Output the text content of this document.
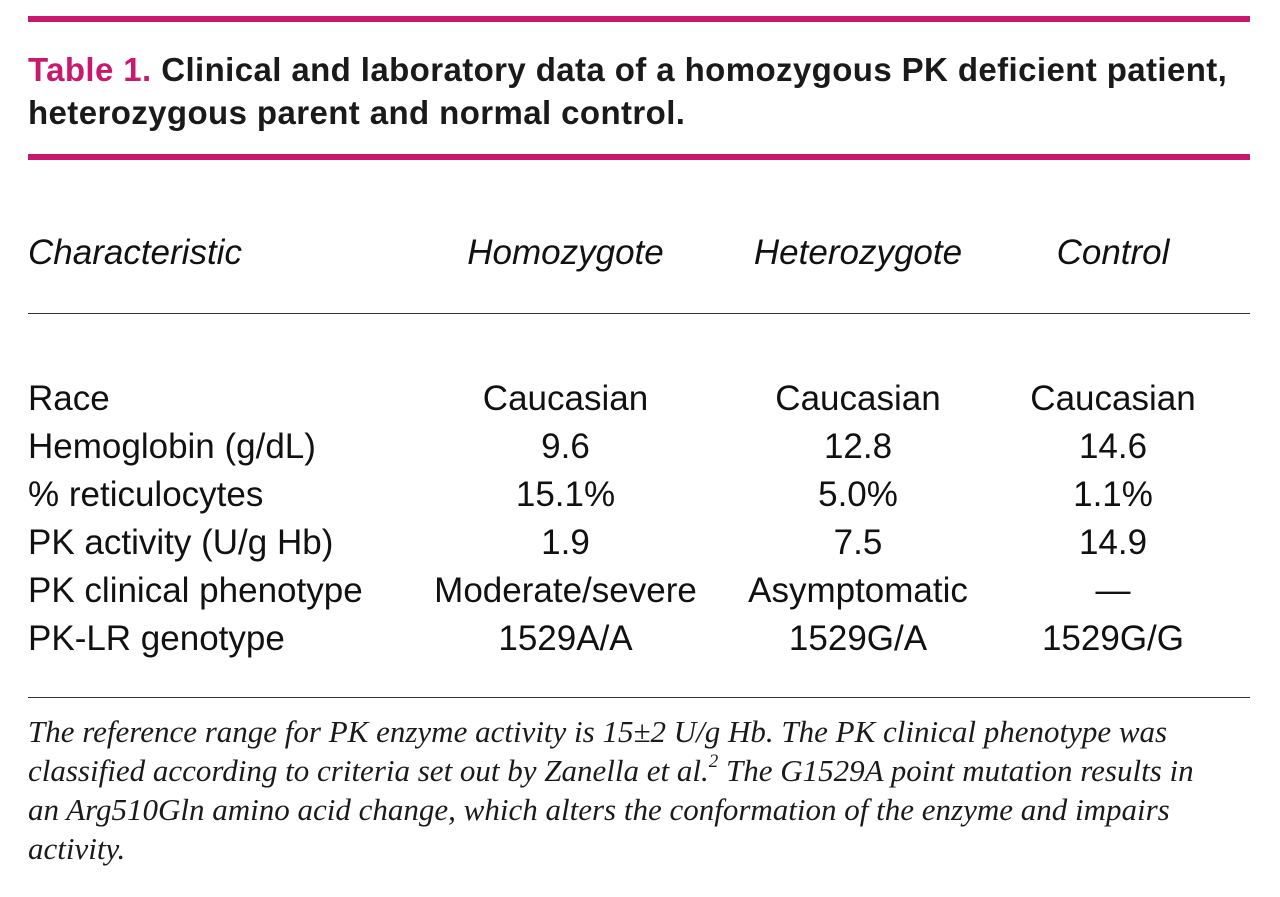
Table 1. Clinical and laboratory data of a homozygous PK deficient patient, heterozygous parent and normal control.
Characteristic	Homozygote	Heterozygote	Control
Race	Caucasian	Caucasian	Caucasian
Hemoglobin (g/dL)	9.6	12.8	14.6
% reticulocytes	15.1%	5.0%	1.1%
PK activity (U/g Hb)	1.9	7.5	14.9
PK clinical phenotype	Moderate/severe	Asymptomatic	—
PK-LR genotype	1529A/A	1529G/A	1529G/G
The reference range for PK enzyme activity is 15±2 U/g Hb. The PK clinical phenotype was classified according to criteria set out by Zanella et al.$^2$ The G1529A point mutation results in an Arg510Gln amino acid change, which alters the conformation of the enzyme and impairs activity.
